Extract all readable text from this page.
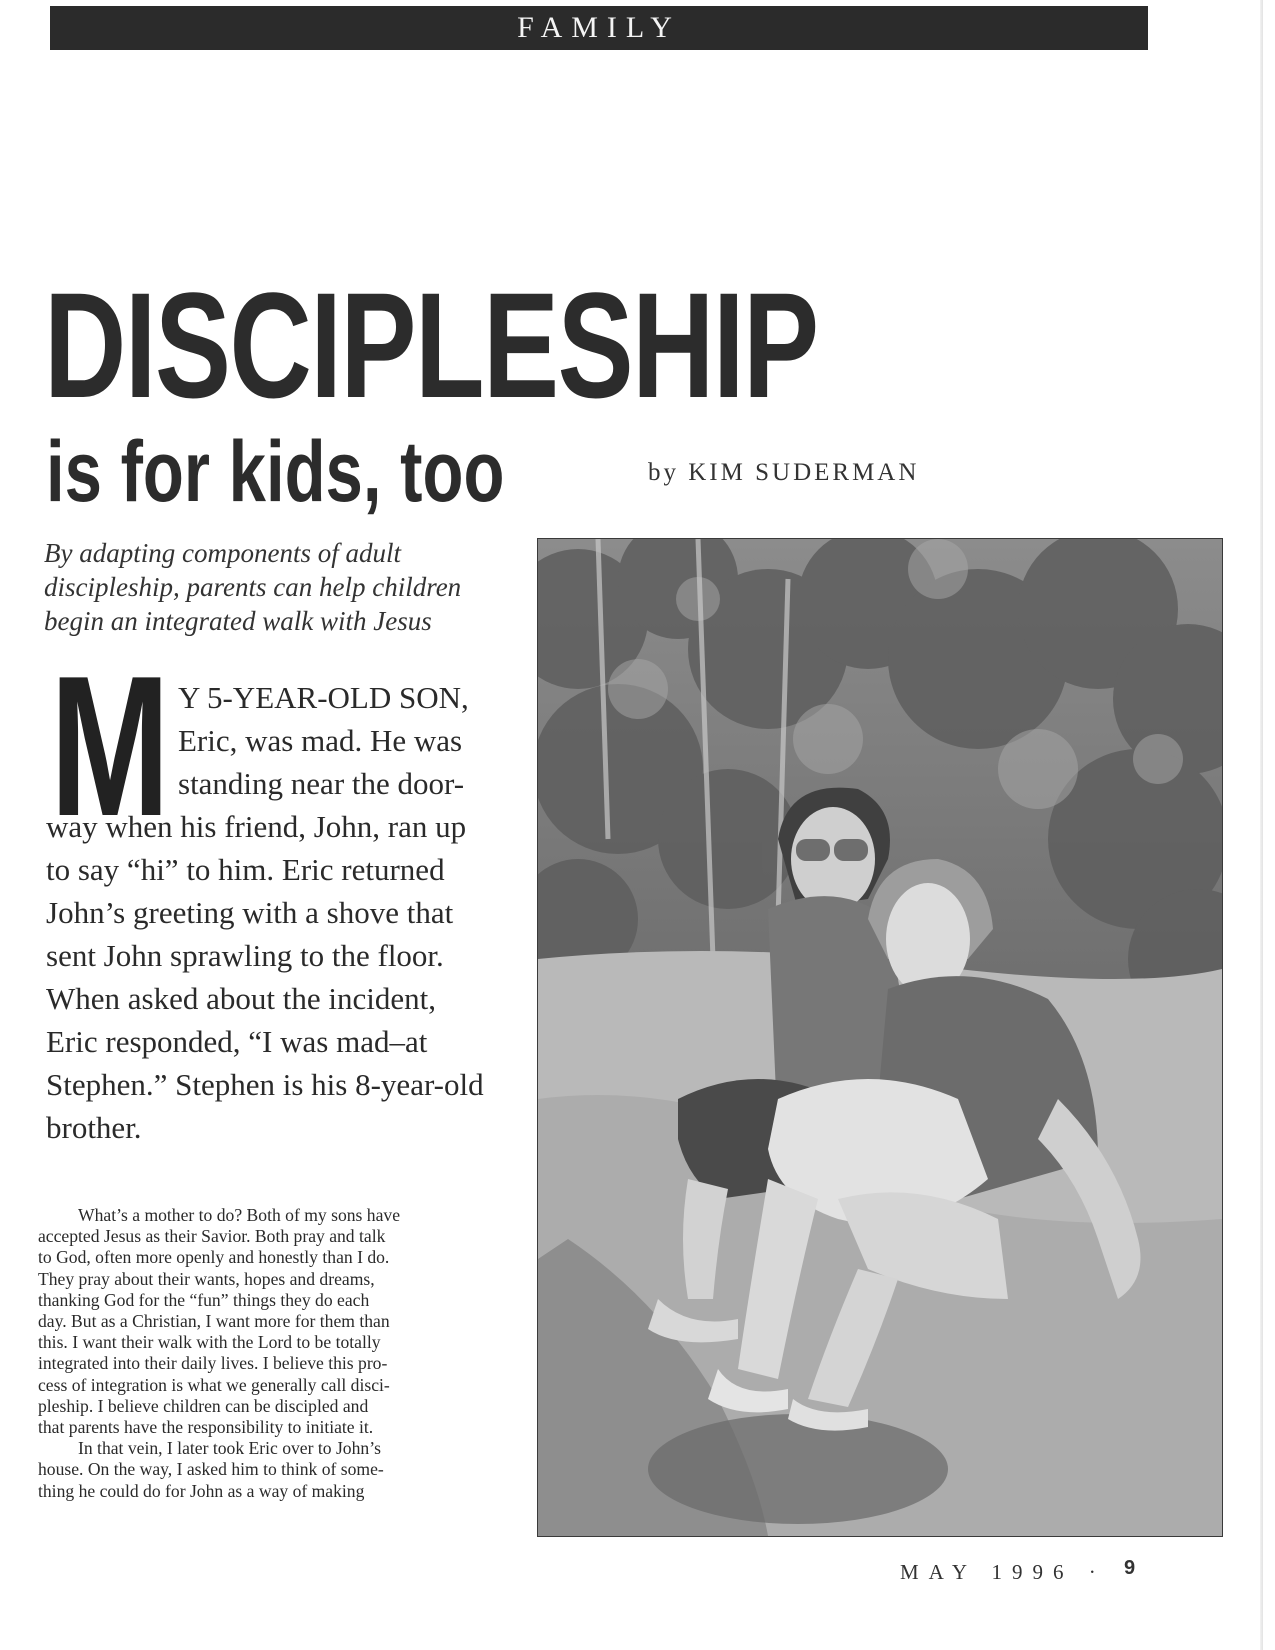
FAMILY
DISCIPLESHIP
is for kids, too	by KIM SUDERMAN
By adapting components of adult
discipleship, parents can help children
begin an integrated walk with Jesus
M Y 5-YEAR-OLD SON,
Eric, was mad. He was
standing near the door-
way when his friend, John, ran up
to say “hi” to him. Eric returned
John’s greeting with a shove that
sent John sprawling to the floor.
When asked about the incident,
Eric responded, “I was mad–at
Stephen.” Stephen is his 8-year-old
brother.
What’s a mother to do? Both of my sons have
accepted Jesus as their Savior. Both pray and talk
to God, often more openly and honestly than I do.
They pray about their wants, hopes and dreams,
thanking God for the “fun” things they do each
day. But as a Christian, I want more for them than
this. I want their walk with the Lord to be totally
integrated into their daily lives. I believe this pro-
cess of integration is what we generally call disci-
pleship. I believe children can be discipled and
that parents have the responsibility to initiate it.
In that vein, I later took Eric over to John’s
house. On the way, I asked him to think of some-
thing he could do for John as a way of making
MAY 1996 · 9
